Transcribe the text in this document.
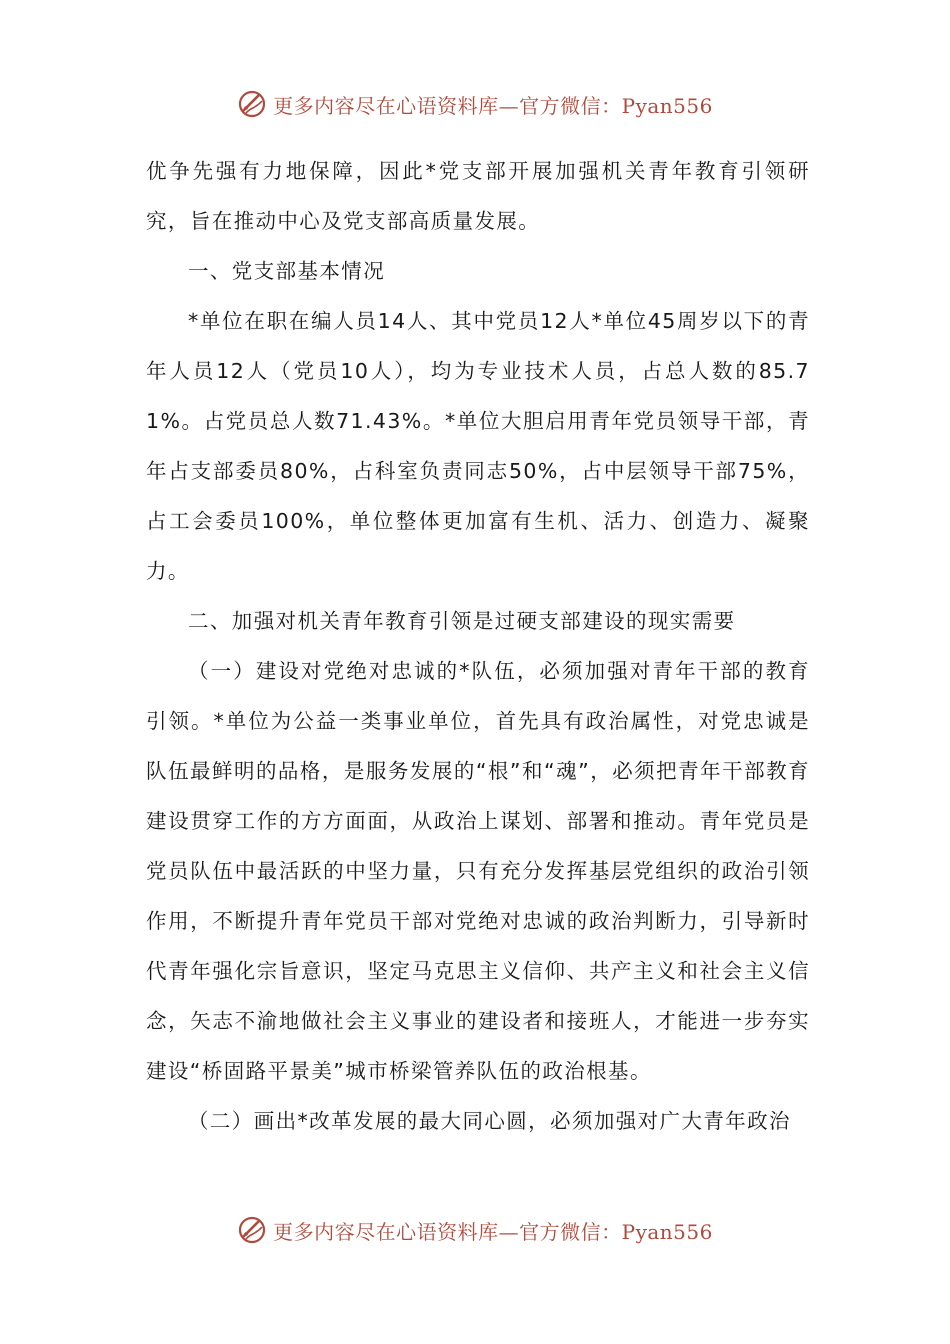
更多内容尽在心语资料库—官方微信：Pyan556

优争先强有力地保障，因此*党支部开展加强机关青年教育引领研究，旨在推动中心及党支部高质量发展。

一、党支部基本情况

*单位在职在编人员14人、其中党员12人*单位45周岁以下的青年人员12人（党员10人），均为专业技术人员，占总人数的85.71%。占党员总人数71.43%。*单位大胆启用青年党员领导干部，青年占支部委员80%，占科室负责同志50%，占中层领导干部75%，占工会委员100%，单位整体更加富有生机、活力、创造力、凝聚力。

二、加强对机关青年教育引领是过硬支部建设的现实需要

（一）建设对党绝对忠诚的*队伍，必须加强对青年干部的教育引领。*单位为公益一类事业单位，首先具有政治属性，对党忠诚是队伍最鲜明的品格，是服务发展的“根”和“魂”，必须把青年干部教育建设贯穿工作的方方面面，从政治上谋划、部署和推动。青年党员是党员队伍中最活跃的中坚力量，只有充分发挥基层党组织的政治引领作用，不断提升青年党员干部对党绝对忠诚的政治判断力，引导新时代青年强化宗旨意识，坚定马克思主义信仰、共产主义和社会主义信念，矢志不渝地做社会主义事业的建设者和接班人，才能进一步夯实建设“桥固路平景美”城市桥梁管养队伍的政治根基。

（二）画出*改革发展的最大同心圆，必须加强对广大青年政治

更多内容尽在心语资料库—官方微信：Pyan556
